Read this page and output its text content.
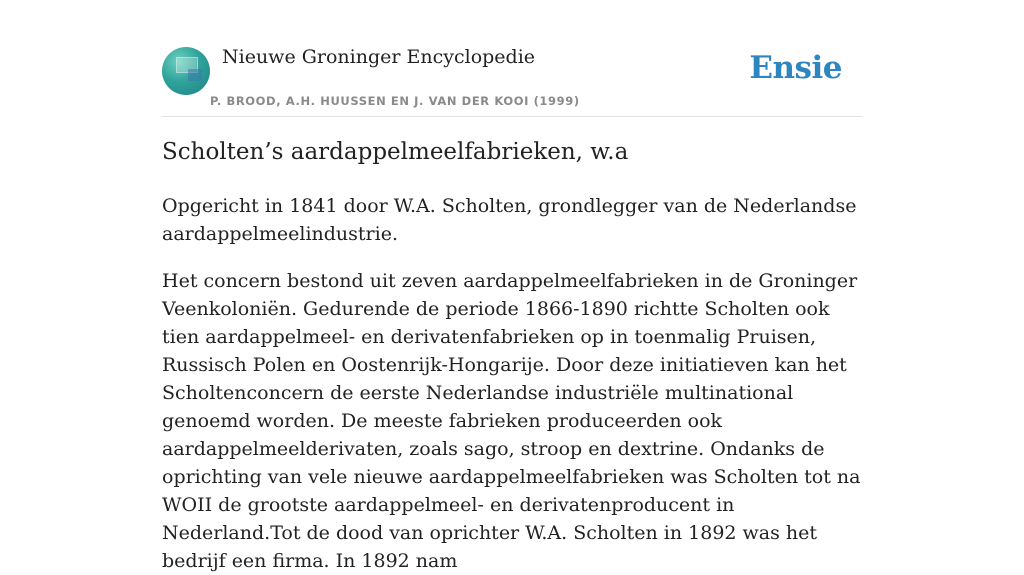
Nieuwe Groninger Encyclopedie
P. BROOD, A.H. HUUSSEN EN J. VAN DER KOOI (1999)
Ensie
Scholten’s aardappelmeelfabrieken, w.a

Opgericht in 1841 door W.A. Scholten, grondlegger van de Nederlandse aardappelmeelindustrie.

Het concern bestond uit zeven aardappelmeelfabrieken in de Groninger Veenkoloniën. Gedurende de periode 1866-1890 richtte Scholten ook tien aardappelmeel- en derivatenfabrieken op in toenmalig Pruisen, Russisch Polen en Oostenrijk-Hongarije. Door deze initiatieven kan het Scholtenconcern de eerste Nederlandse industriële multinational genoemd worden. De meeste fabrieken produceerden ook aardappelmeelderivaten, zoals sago, stroop en dextrine. Ondanks de oprichting van vele nieuwe aardappelmeelfabrieken was Scholten tot na WOII de grootste aardappelmeel- en derivatenproducent in Nederland.Tot de dood van oprichter W.A. Scholten in 1892 was het bedrijf een firma. In 1892 nam
